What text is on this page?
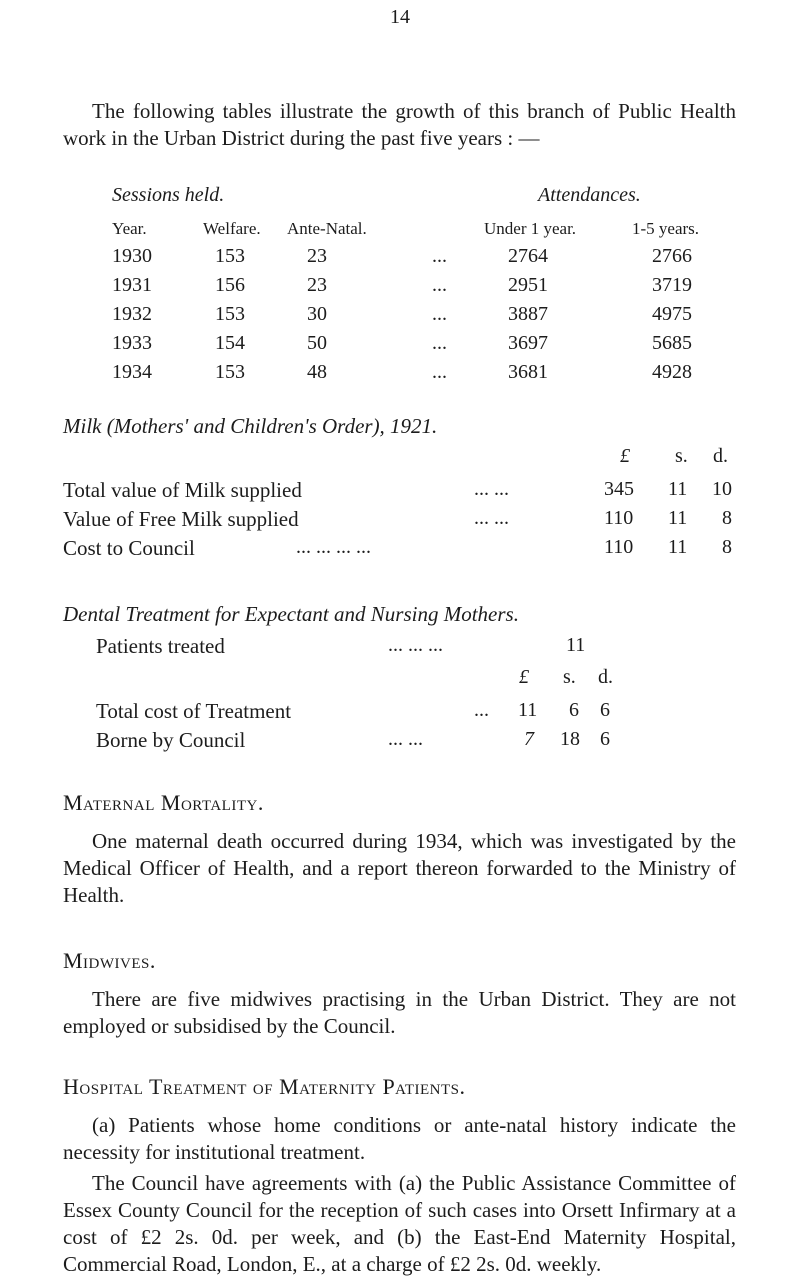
14

The following tables illustrate the growth of this branch of Public Health work in the Urban District during the past five years : —

Sessions held.	Attendances.
Year.	Welfare. Ante-Natal.	Under 1 year.	1-5 years.
1930	153	23	...	2764	2766
1931	156	23	...	2951	3719
1932	153	30	...	3887	4975
1933	154	50	...	3697	5685
1934	153	48	...	3681	4928
Milk (Mothers' and Children's Order), 1921.
£ s. d.
Total value of Milk supplied	... ...	345 11 10
Value of Free Milk supplied	... ...	110 11 8
Cost to Council	... ... ... ...	110 11 8
Dental Treatment for Expectant and Nursing Mothers.
Patients treated	... ... ...	11
£ s. d.
Total cost of Treatment	... 11 6 6
Borne by Council	... ...	7 18 6
Maternal Mortality.

One maternal death occurred during 1934, which was investigated by the Medical Officer of Health, and a report thereon forwarded to the Ministry of Health.

Midwives.

There are five midwives practising in the Urban District. They are not employed or subsidised by the Council.

Hospital Treatment of Maternity Patients.

(a) Patients whose home conditions or ante-natal history indicate the necessity for institutional treatment.

The Council have agreements with (a) the Public Assistance Committee of Essex County Council for the reception of such cases into Orsett Infirmary at a cost of £2 2s. 0d. per week, and (b) the East-End Maternity Hospital, Commercial Road, London, E., at a charge of £2 2s. 0d. weekly.
